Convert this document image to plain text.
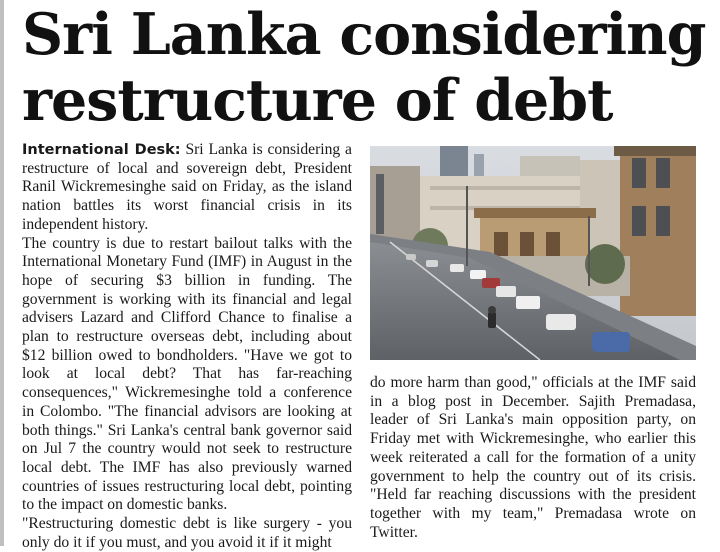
Sri Lanka considering restructure of debt

International Desk: Sri Lanka is considering a restructure of local and sovereign debt, President Ranil Wickremesinghe said on Friday, as the island nation battles its worst financial crisis in its independent history.

The country is due to restart bailout talks with the International Monetary Fund (IMF) in August in the hope of securing $3 billion in funding. The government is working with its financial and legal advisers Lazard and Clifford Chance to finalise a plan to restructure overseas debt, including about $12 billion owed to bondholders. "Have we got to look at local debt? That has far-reaching consequences," Wickremesinghe told a conference in Colombo. "The financial advisors are looking at both things." Sri Lanka's central bank governor said on Jul 7 the country would not seek to restructure local debt. The IMF has also previously warned countries of issues restructuring local debt, pointing to the impact on domestic banks.

"Restructuring domestic debt is like surgery - you only do it if you must, and you avoid it if it might

do more harm than good," officials at the IMF said in a blog post in December. Sajith Premadasa, leader of Sri Lanka's main opposition party, on Friday met with Wickremesinghe, who earlier this week reiterated a call for the formation of a unity government to help the country out of its crisis. "Held far reaching discussions with the president together with my team," Premadasa wrote on Twitter.
